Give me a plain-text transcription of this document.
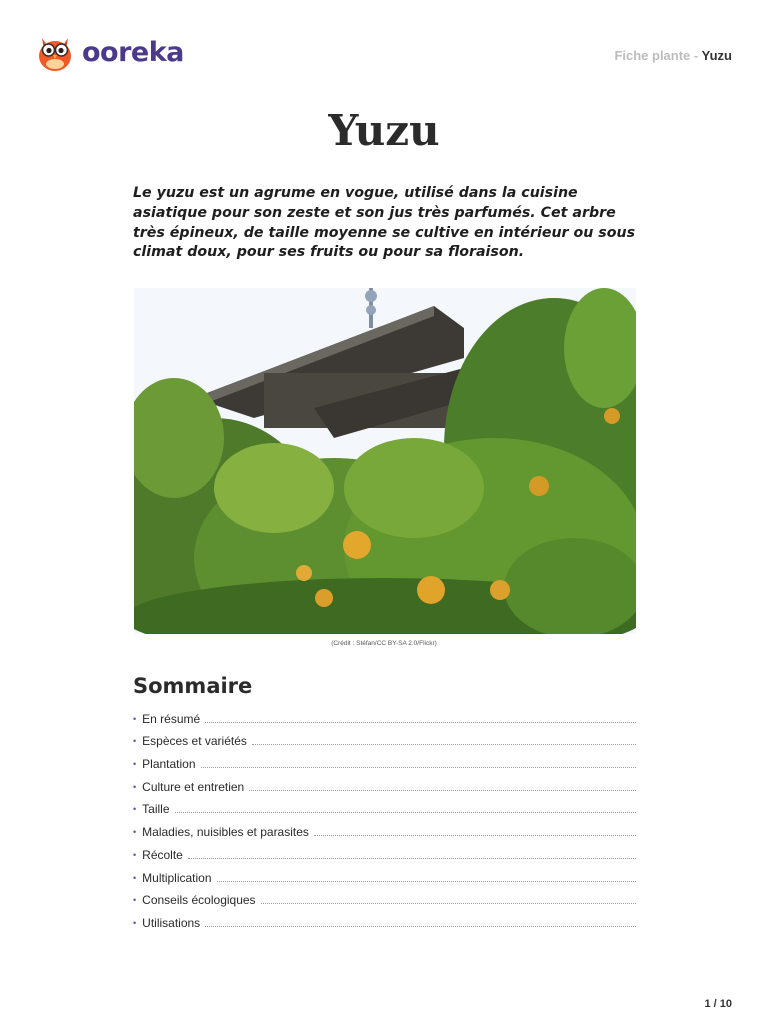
ooreka	Fiche plante - Yuzu
Yuzu

Le yuzu est un agrume en vogue, utilisé dans la cuisine asiatique pour son zeste et son jus très parfumés. Cet arbre très épineux, de taille moyenne se cultive en intérieur ou sous climat doux, pour ses fruits ou pour sa floraison.

(Crédit : Stéfan/CC BY-SA 2.0/Flickr)
Sommaire
• En résumé
• Espèces et variétés
• Plantation
• Culture et entretien
• Taille
• Maladies, nuisibles et parasites
• Récolte
• Multiplication
• Conseils écologiques
• Utilisations
1 / 10
